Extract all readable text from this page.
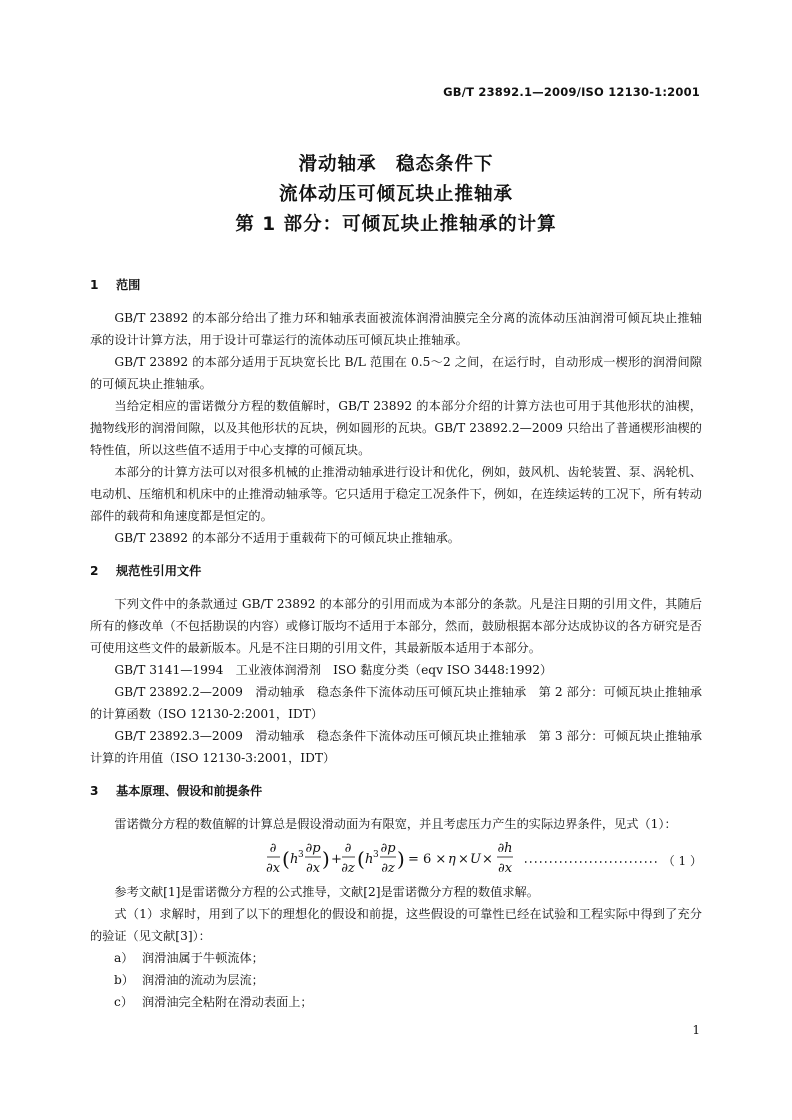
GB/T 23892.1—2009/ISO 12130-1:2001
滑动轴承　稳态条件下
流体动压可倾瓦块止推轴承
第 1 部分：可倾瓦块止推轴承的计算
1 范围

GB/T 23892 的本部分给出了推力环和轴承表面被流体润滑油膜完全分离的流体动压油润滑可倾瓦块止推轴承的设计计算方法，用于设计可靠运行的流体动压可倾瓦块止推轴承。

GB/T 23892 的本部分适用于瓦块宽长比 B/L 范围在 0.5～2 之间，在运行时，自动形成一楔形的润滑间隙的可倾瓦块止推轴承。

当给定相应的雷诺微分方程的数值解时，GB/T 23892 的本部分介绍的计算方法也可用于其他形状的油楔，抛物线形的润滑间隙，以及其他形状的瓦块，例如圆形的瓦块。GB/T 23892.2—2009 只给出了普通楔形油楔的特性值，所以这些值不适用于中心支撑的可倾瓦块。

本部分的计算方法可以对很多机械的止推滑动轴承进行设计和优化，例如，鼓风机、齿轮装置、泵、涡轮机、电动机、压缩机和机床中的止推滑动轴承等。它只适用于稳定工况条件下，例如，在连续运转的工况下，所有转动部件的载荷和角速度都是恒定的。

GB/T 23892 的本部分不适用于重载荷下的可倾瓦块止推轴承。

2 规范性引用文件

下列文件中的条款通过 GB/T 23892 的本部分的引用而成为本部分的条款。凡是注日期的引用文件，其随后所有的修改单（不包括勘误的内容）或修订版均不适用于本部分，然而，鼓励根据本部分达成协议的各方研究是否可使用这些文件的最新版本。凡是不注日期的引用文件，其最新版本适用于本部分。

GB/T 3141—1994　工业液体润滑剂　ISO 黏度分类（eqv ISO 3448:1992）

GB/T 23892.2—2009　滑动轴承　稳态条件下流体动压可倾瓦块止推轴承　第 2 部分：可倾瓦块止推轴承的计算函数（ISO 12130-2:2001，IDT）

GB/T 23892.3—2009　滑动轴承　稳态条件下流体动压可倾瓦块止推轴承　第 3 部分：可倾瓦块止推轴承计算的许用值（ISO 12130-3:2001，IDT）

3 基本原理、假设和前提条件

雷诺微分方程的数值解的计算总是假设滑动面为有限宽，并且考虑压力产生的实际边界条件，见式（1）：

∂
∂x ( h 3 ∂p
∂x ) +
∂
∂z ( h 3 ∂p
∂z ) = 6 × η × U ×
∂h
∂x	（ 1 ）

参考文献[1]是雷诺微分方程的公式推导，文献[2]是雷诺微分方程的数值求解。

式（1）求解时，用到了以下的理想化的假设和前提，这些假设的可靠性已经在试验和工程实际中得到了充分的验证（见文献[3]）：

a） 润滑油属于牛顿流体；

b） 润滑油的流动为层流；

c） 润滑油完全粘附在滑动表面上；

1
